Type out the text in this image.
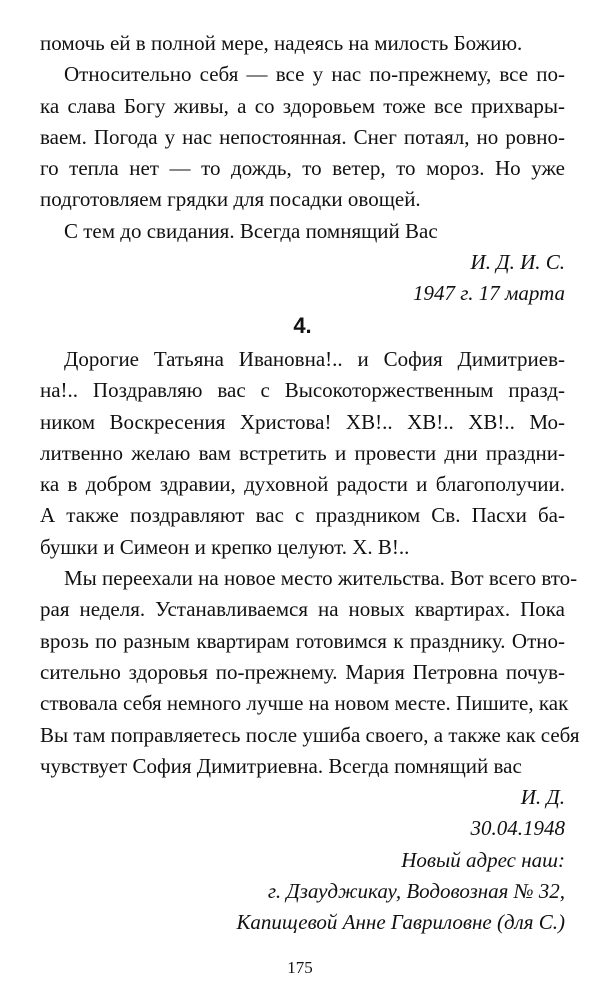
помочь ей в полной мере, надеясь на милость Божию.

Относительно себя — все у нас по-прежнему, все по-
ка слава Богу живы, а со здоровьем тоже все прихвары-
ваем. Погода у нас непостоянная. Снег потаял, но ровно-
го тепла нет — то дождь, то ветер, то мороз. Но уже
подготовляем грядки для посадки овощей.

С тем до свидания. Всегда помнящий Вас

И. Д. И. С.

1947 г. 17 марта

4.

Дорогие Татьяна Ивановна!.. и София Димитриев-
на!.. Поздравляю вас с Высокоторжественным празд-
ником Воскресения Христова! ХВ!.. ХВ!.. ХВ!.. Мо-
литвенно желаю вам встретить и провести дни праздни-
ка в добром здравии, духовной радости и благополучии.
А также поздравляют вас с праздником Св. Пасхи ба-
бушки и Симеон и крепко целуют. Х. В!..

Мы переехали на новое место жительства. Вот всего вто-
рая неделя. Устанавливаемся на новых квартирах. Пока
врозь по разным квартирам готовимся к празднику. Отно-
сительно здоровья по-прежнему. Мария Петровна почув-
ствовала себя немного лучше на новом месте. Пишите, как
Вы там поправляетесь после ушиба своего, а также как себя
чувствует София Димитриевна. Всегда помнящий вас

И. Д.

30.04.1948

Новый адрес наш:

г. Дзауджикау, Водовозная № 32,

Капищевой Анне Гавриловне (для С.)

175
